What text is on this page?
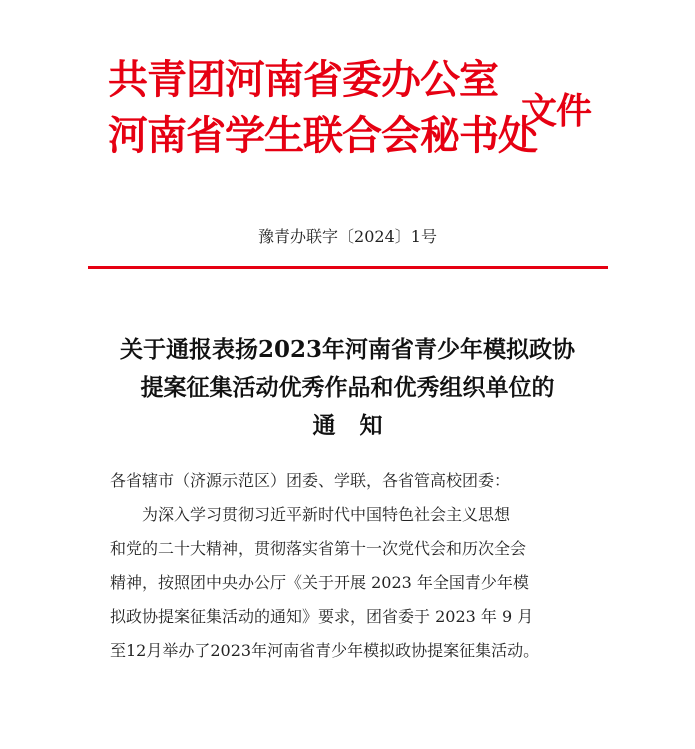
共青团河南省委办公室
河南省学生联合会秘书处
文件
豫青办联字〔2024〕1号
关于通报表扬2023年河南省青少年模拟政协
提案征集活动优秀作品和优秀组织单位的
通知
各省辖市（济源示范区）团委、学联，各省管高校团委：
为深入学习贯彻习近平新时代中国特色社会主义思想
和党的二十大精神，贯彻落实省第十一次党代会和历次全会
精神，按照团中央办公厅《关于开展 2023 年全国青少年模
拟政协提案征集活动的通知》要求，团省委于 2023 年 9 月
至12月举办了2023年河南省青少年模拟政协提案征集活动。
